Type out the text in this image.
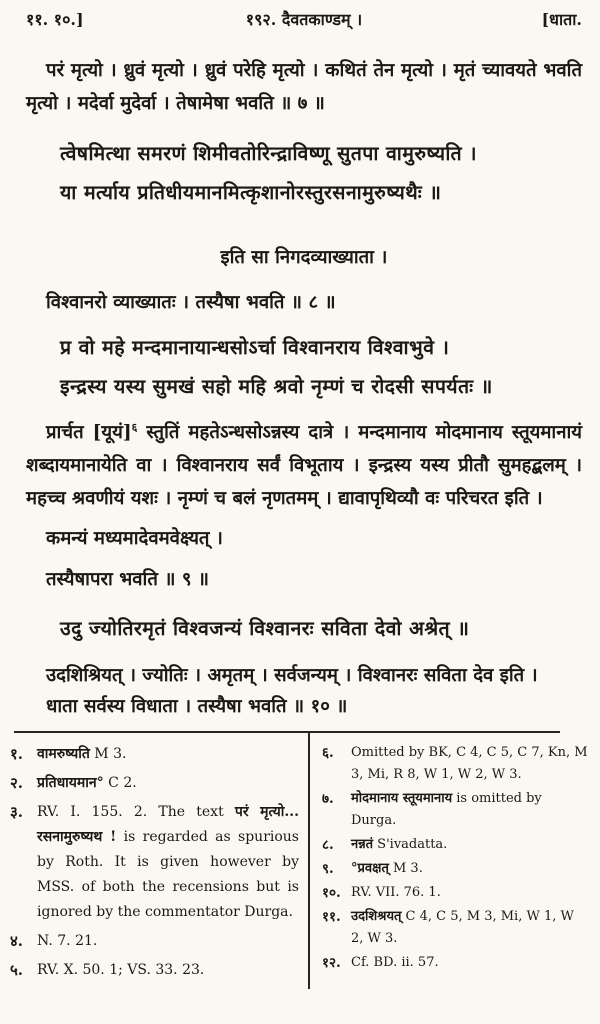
११. १०.]	१९२. दैवतकाण्डम् ।	[धाता.

परं मृत्यो । ध्रुवं मृत्यो । ध्रुवं परेहि मृत्यो । कथितं तेन मृत्यो । मृतं च्यावयते भवति मृत्यो । मदेर्वा मुदेर्वा । तेषामेषा भवति ॥ ७ ॥

त्वेषमित्था समरणं शिमीवतोरिन्द्राविष्णू सुतपा वामुरुष्यति ।
या मर्त्याय प्रतिधीयमानमित्कृशानोरस्तुरसनामुरुष्यथैः ॥

इति सा निगदव्याख्याता ।

विश्वानरो व्याख्यातः । तस्यैषा भवति ॥ ८ ॥

प्र वो महे मन्दमानायान्धसोऽर्चा विश्वानराय विश्वाभुवे ।
इन्द्रस्य यस्य सुमखं सहो महि श्रवो नृम्णं च रोदसी सपर्यतः ॥

प्रार्चत [यूयं]$^६$ स्तुतिं महतेऽन्धसोऽन्नस्य दात्रे । मन्दमानाय मोदमानाय स्तूयमानायं शब्दायमानायेति वा । विश्वानराय सर्वं विभूताय । इन्द्रस्य यस्य प्रीतौ सुमहद्बलम् । महच्च श्रवणीयं यशः । नृम्णं च बलं नृणतमम् । द्यावापृथिव्यौ वः परिचरत इति ।

कमन्यं मध्यमादेवमवेक्ष्यत् ।

तस्यैषापरा भवति ॥ ९ ॥

उदु ज्योतिरमृतं विश्वजन्यं विश्वानरः सविता देवो अश्रेत् ॥

उदशिश्रियत् । ज्योतिः । अमृतम् । सर्वजन्यम् । विश्वानरः सविता देव इति ।

धाता सर्वस्य विधाता । तस्यैषा भवति ॥ १० ॥

१. वामरुष्यति M 3.
२. प्रतिधायमान° C 2.
३. RV. I. 155. 2. The text परं मृत्यो... रसनामुरुष्यथ ! is regarded as spurious by Roth. It is given however by MSS. of both the recensions but is ignored by the commentator Durga.
४. N. 7. 21.
५. RV. X. 50. 1; VS. 33. 23.
६.	Omitted by BK, C 4, C 5, C 7, Kn, M 3, Mi, R 8, W 1, W 2, W 3.
७.	मोदमानाय स्तूयमानाय is omitted by Durga.
८.	नन्नतं S'ivadatta.
९.	°प्रवक्षत् M 3.
१०. RV. VII. 76. 1.
११. उदशिश्रयत् C 4, C 5, M 3, Mi, W 1, W 2, W 3.
१२. Cf. BD. ii. 57.
